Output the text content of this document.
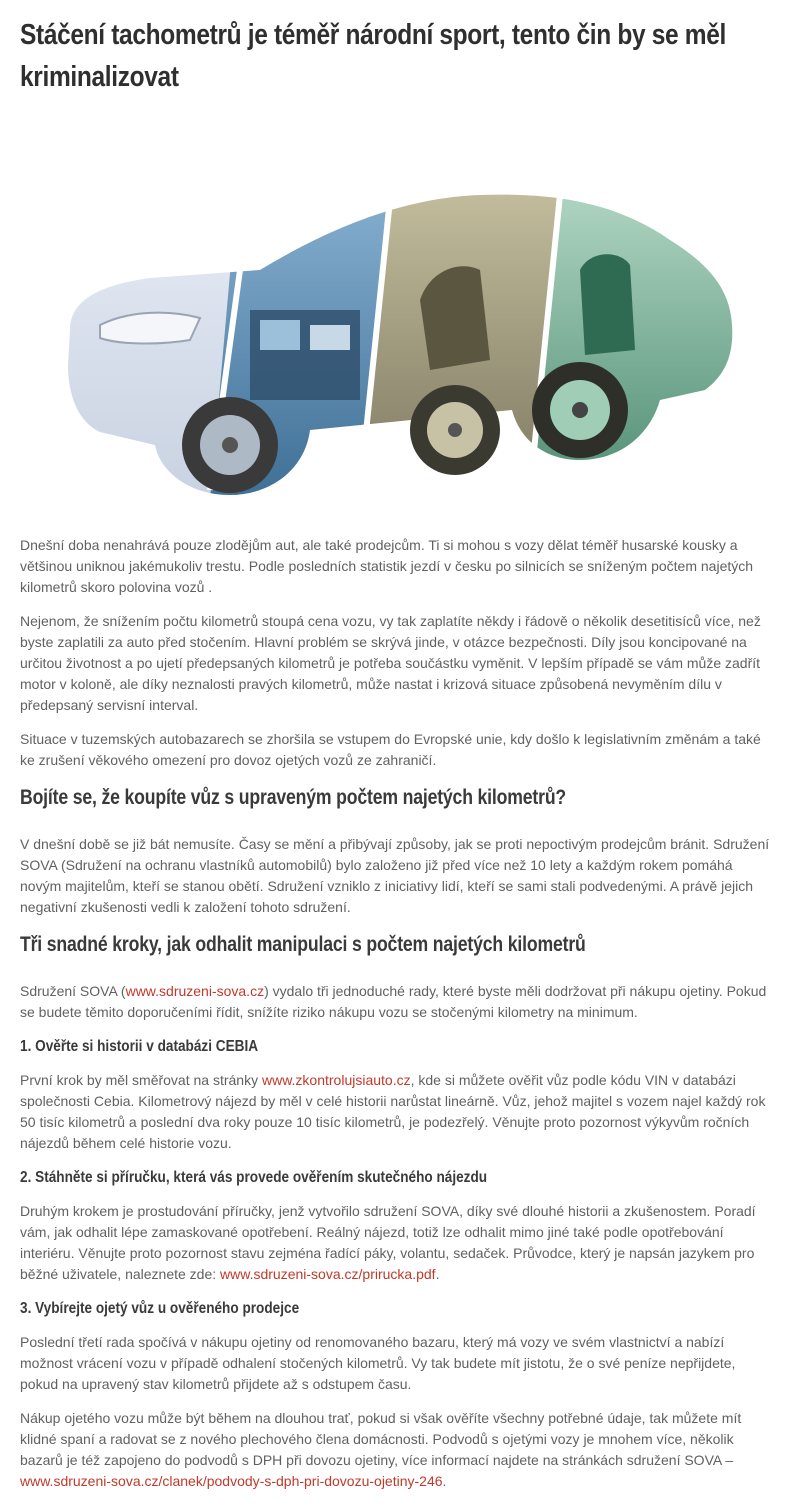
Stáčení tachometrů je téměř národní sport, tento čin by se měl kriminalizovat

Dnešní doba nenahrává pouze zlodějům aut, ale také prodejcům. Ti si mohou s vozy dělat téměř husarské kousky a většinou uniknou jakémukoliv trestu. Podle posledních statistik jezdí v česku po silnicích se sníženým počtem najetých kilometrů skoro polovina vozů .

Nejenom, že snížením počtu kilometrů stoupá cena vozu, vy tak zaplatíte někdy i řádově o několik desetitisíců více, než byste zaplatili za auto před stočením. Hlavní problém se skrývá jinde, v otázce bezpečnosti. Díly jsou koncipované na určitou životnost a po ujetí předepsaných kilometrů je potřeba součástku vyměnit. V lepším případě se vám může zadřít motor v koloně, ale díky neznalosti pravých kilometrů, může nastat i krizová situace způsobená nevyměním dílu v předepsaný servisní interval.

Situace v tuzemských autobazarech se zhoršila se vstupem do Evropské unie, kdy došlo k legislativním změnám a také ke zrušení věkového omezení pro dovoz ojetých vozů ze zahraničí.

Bojíte se, že koupíte vůz s upraveným počtem najetých kilometrů?

V dnešní době se již bát nemusíte. Časy se mění a přibývají způsoby, jak se proti nepoctivým prodejcům bránit. Sdružení SOVA (Sdružení na ochranu vlastníků automobilů) bylo založeno již před více než 10 lety a každým rokem pomáhá novým majitelům, kteří se stanou obětí. Sdružení vzniklo z iniciativy lidí, kteří se sami stali podvedenými. A právě jejich negativní zkušenosti vedli k založení tohoto sdružení.

Tři snadné kroky, jak odhalit manipulaci s počtem najetých kilometrů

Sdružení SOVA (www.sdruzeni-sova.cz) vydalo tři jednoduché rady, které byste měli dodržovat při nákupu ojetiny. Pokud se budete těmito doporučeními řídit, snížíte riziko nákupu vozu se stočenými kilometry na minimum.

1. Ověřte si historii v databázi CEBIA

První krok by měl směřovat na stránky www.zkontrolujsiauto.cz, kde si můžete ověřit vůz podle kódu VIN v databázi společnosti Cebia. Kilometrový nájezd by měl v celé historii narůstat lineárně. Vůz, jehož majitel s vozem najel každý rok 50 tisíc kilometrů a poslední dva roky pouze 10 tisíc kilometrů, je podezřelý. Věnujte proto pozornost výkyvům ročních nájezdů během celé historie vozu.

2. Stáhněte si příručku, která vás provede ověřením skutečného nájezdu

Druhým krokem je prostudování příručky, jenž vytvořilo sdružení SOVA, díky své dlouhé historii a zkušenostem. Poradí vám, jak odhalit lépe zamaskované opotřebení. Reálný nájezd, totiž lze odhalit mimo jiné také podle opotřebování interiéru. Věnujte proto pozornost stavu zejména řadící páky, volantu, sedaček. Průvodce, který je napsán jazykem pro běžné uživatele, naleznete zde: www.sdruzeni-sova.cz/prirucka.pdf.

3. Vybírejte ojetý vůz u ověřeného prodejce

Poslední třetí rada spočívá v nákupu ojetiny od renomovaného bazaru, který má vozy ve svém vlastnictví a nabízí možnost vrácení vozu v případě odhalení stočených kilometrů. Vy tak budete mít jistotu, že o své peníze nepřijdete, pokud na upravený stav kilometrů přijdete až s odstupem času.

Nákup ojetého vozu může být během na dlouhou trať, pokud si však ověříte všechny potřebné údaje, tak můžete mít klidné spaní a radovat se z nového plechového člena domácnosti. Podvodů s ojetými vozy je mnohem více, několik bazarů je též zapojeno do podvodů s DPH při dovozu ojetiny, více informací najdete na stránkách sdružení SOVA – www.sdruzeni-sova.cz/clanek/podvody-s-dph-pri-dovozu-ojetiny-246.
